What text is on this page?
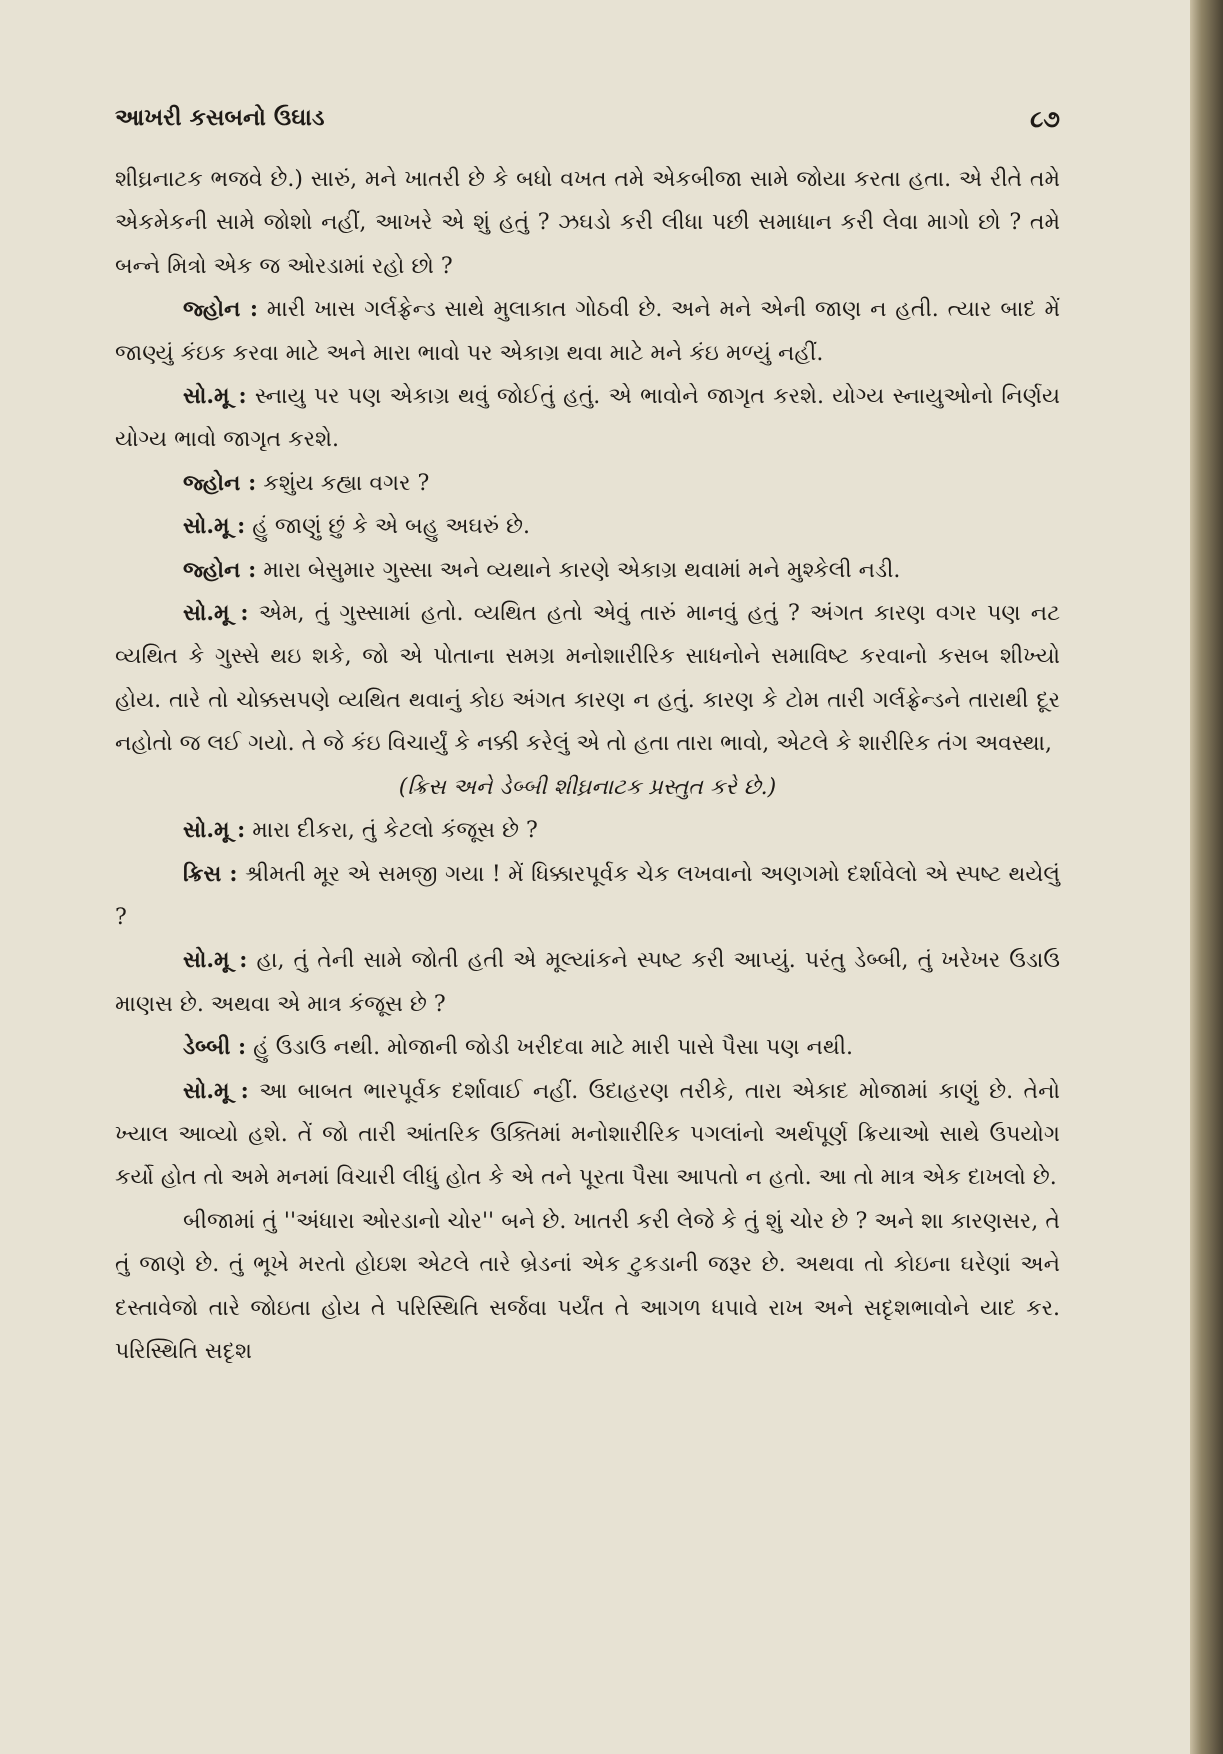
આખરી કસબનો ઉઘાડ	૮૭

શીઘ્રનાટક ભજવે છે.) સારું, મને ખાતરી છે કે બધો વખત તમે એકબીજા સામે જોયા કરતા હતા. એ રીતે તમે એકમેકની સામે જોશો નહીં, આખરે એ શું હતું ? ઝઘડો કરી લીધા પછી સમાધાન કરી લેવા માગો છો ? તમે બન્ને મિત્રો એક જ ઓરડામાં રહો છો ?

જ્હોન : મારી ખાસ ગર્લફ્રેન્ડ સાથે મુલાકાત ગોઠવી છે. અને મને એની જાણ ન હતી. ત્યાર બાદ મેં જાણ્યું કંઇક કરવા માટે અને મારા ભાવો પર એકાગ્ર થવા માટે મને કંઇ મળ્યું નહીં.

સો.મૂ : સ્નાયુ પર પણ એકાગ્ર થવું જોઈતું હતું. એ ભાવોને જાગૃત કરશે. યોગ્ય સ્નાયુઓનો નિર્ણય યોગ્ય ભાવો જાગૃત કરશે.

જ્હોન : કશુંય કહ્યા વગર ?

સો.મૂ : હું જાણું છું કે એ બહુ અઘરું છે.

જ્હોન : મારા બેસુમાર ગુસ્સા અને વ્યથાને કારણે એકાગ્ર થવામાં મને મુશ્કેલી નડી.

સો.મૂ : એમ, તું ગુસ્સામાં હતો. વ્યથિત હતો એવું તારું માનવું હતું ? અંગત કારણ વગર પણ નટ વ્યથિત કે ગુસ્સે થઇ શકે, જો એ પોતાના સમગ્ર મનોશારીરિક સાધનોને સમાવિષ્ટ કરવાનો કસબ શીખ્યો હોય. તારે તો ચોક્કસપણે વ્યથિત થવાનું કોઇ અંગત કારણ ન હતું. કારણ કે ટોમ તારી ગર્લફ્રેન્ડને તારાથી દૂર નહોતો જ લઈ ગયો. તે જે કંઇ વિચાર્યું કે નક્કી કરેલું એ તો હતા તારા ભાવો, એટલે કે શારીરિક તંગ અવસ્થા,

(ક્રિસ અને ડેબ્બી શીઘ્રનાટક પ્રસ્તુત કરે છે.)

સો.મૂ : મારા દીકરા, તું કેટલો કંજૂસ છે ?

ક્રિસ : શ્રીમતી મૂર એ સમજી ગયા ! મેં ધિક્કારપૂર્વક ચેક લખવાનો અણગમો દર્શાવેલો એ સ્પષ્ટ થયેલું ?

સો.મૂ : હા, તું તેની સામે જોતી હતી એ મૂલ્યાંકને સ્પષ્ટ કરી આપ્યું. પરંતુ ડેબ્બી, તું ખરેખર ઉડાઉ માણસ છે. અથવા એ માત્ર કંજૂસ છે ?

ડેબ્બી : હું ઉડાઉ નથી. મોજાની જોડી ખરીદવા માટે મારી પાસે પૈસા પણ નથી.

સો.મૂ : આ બાબત ભારપૂર્વક દર્શાવાઈ નહીં. ઉદાહરણ તરીકે, તારા એકાદ મોજામાં કાણું છે. તેનો ખ્યાલ આવ્યો હશે. તેં જો તારી આંતરિક ઉક્તિમાં મનોશારીરિક પગલાંનો અર્થપૂર્ણ ક્રિયાઓ સાથે ઉપયોગ કર્યો હોત તો અમે મનમાં વિચારી લીધું હોત કે એ તને પૂરતા પૈસા આપતો ન હતો. આ તો માત્ર એક દાખલો છે.

બીજામાં તું ''અંધારા ઓરડાનો ચોર'' બને છે. ખાતરી કરી લેજે કે તું શું ચોર છે ? અને શા કારણસર, તે તું જાણે છે. તું ભૂખે મરતો હોઇશ એટલે તારે બ્રેડનાં એક ટુકડાની જરૂર છે. અથવા તો કોઇના ઘરેણાં અને દસ્તાવેજો તારે જોઇતા હોય તે પરિસ્થિતિ સર્જવા પર્યંત તે આગળ ધપાવે રાખ અને સદૃશભાવોને યાદ કર. પરિસ્થિતિ સદૃશ
